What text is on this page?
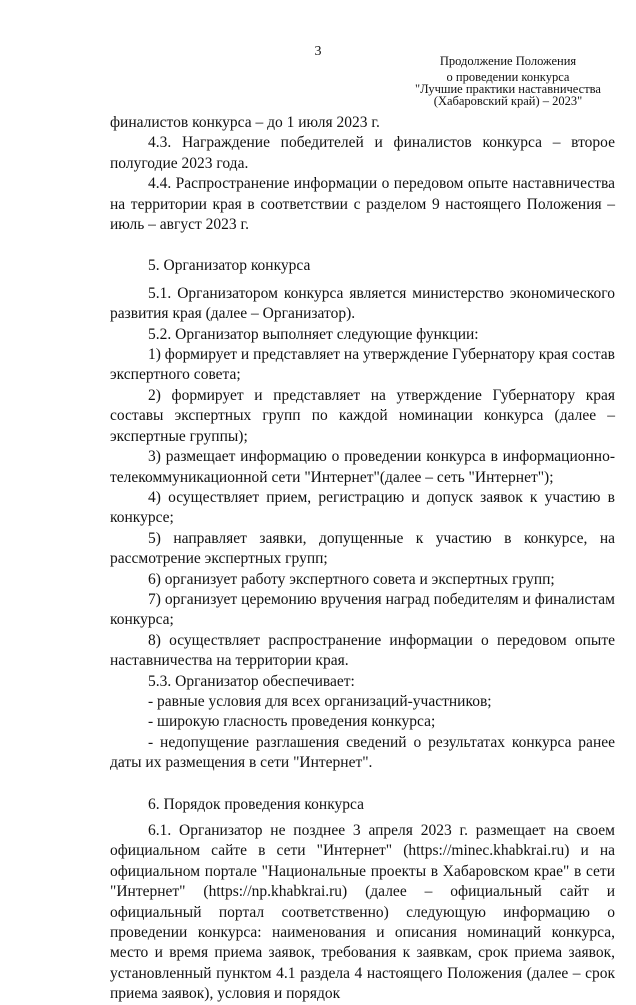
3
Продолжение Положения
о проведении конкурса
"Лучшие практики наставничества
(Хабаровский край) – 2023"

финалистов конкурса – до 1 июля 2023 г.

4.3. Награждение победителей и финалистов конкурса – второе полугодие 2023 года.

4.4. Распространение информации о передовом опыте наставничества на территории края в соответствии с разделом 9 настоящего Положения – июль – август 2023 г.

5. Организатор конкурса

5.1. Организатором конкурса является министерство экономического развития края (далее – Организатор).

5.2. Организатор выполняет следующие функции:

1) формирует и представляет на утверждение Губернатору края состав экспертного совета;

2) формирует и представляет на утверждение Губернатору края составы экспертных групп по каждой номинации конкурса (далее – экспертные группы);

3) размещает информацию о проведении конкурса в информационно-телекоммуникационной сети "Интернет"(далее – сеть "Интернет");

4) осуществляет прием, регистрацию и допуск заявок к участию в конкурсе;

5) направляет заявки, допущенные к участию в конкурсе, на рассмотрение экспертных групп;

6) организует работу экспертного совета и экспертных групп;

7) организует церемонию вручения наград победителям и финалистам конкурса;

8) осуществляет распространение информации о передовом опыте наставничества на территории края.

5.3. Организатор обеспечивает:

- равные условия для всех организаций-участников;

- широкую гласность проведения конкурса;

- недопущение разглашения сведений о результатах конкурса ранее даты их размещения в сети "Интернет".

6. Порядок проведения конкурса

6.1. Организатор не позднее 3 апреля 2023 г. размещает на своем официальном сайте в сети "Интернет" (https://minec.khabkrai.ru) и на официальном портале "Национальные проекты в Хабаровском крае" в сети "Интернет" (https://np.khabkrai.ru) (далее – официальный сайт и официальный портал соответственно) следующую информацию о проведении конкурса: наименования и описания номинаций конкурса, место и время приема заявок, требования к заявкам, срок приема заявок, установленный пунктом 4.1 раздела 4 настоящего Положения (далее – срок приема заявок), условия и порядок
